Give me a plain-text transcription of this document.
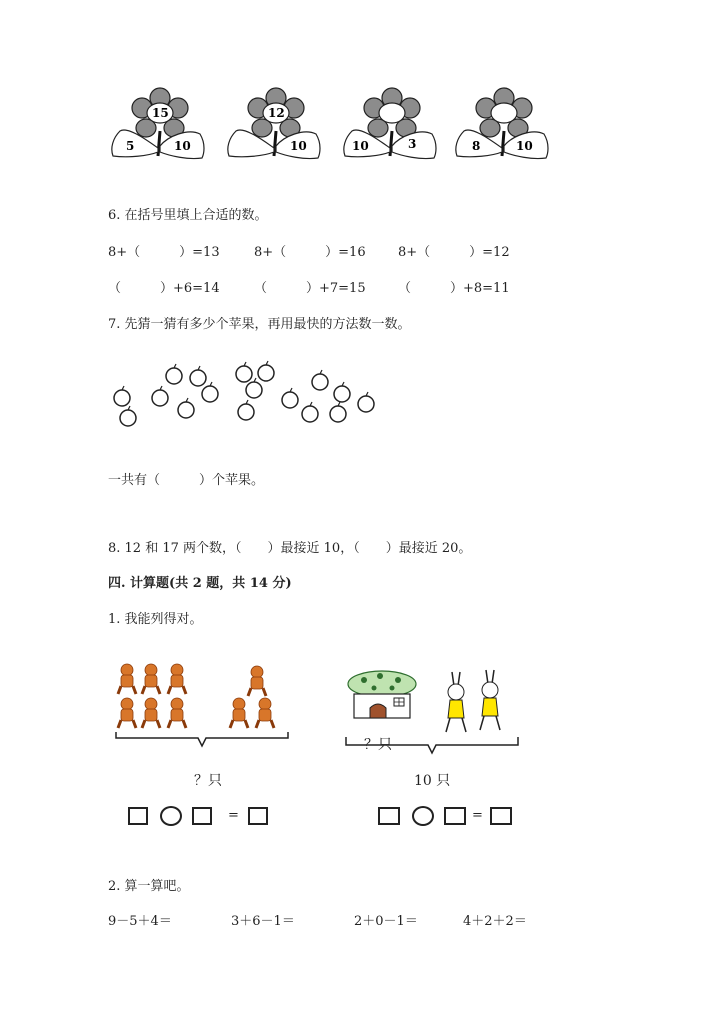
15
5	10
12
10	10	3	8	10
6. 在括号里填上合适的数。
8+（　　　）=13	8+（　　　）=16 8+（　　　）=12
（　　　）+6=14	（　　　）+7=15 （　　　）+8=11
7. 先猜一猜有多少个苹果，再用最快的方法数一数。
一共有（　　　）个苹果。
8. 12 和 17 两个数，（　　）最接近 10，（　　）最接近 20。
四. 计算题(共 2 题，共 14 分)
1. 我能列得对。
？只
=
？只
10 只
=
2. 算一算吧。
9－5＋4＝	3＋6－1＝	2＋0－1＝	4＋2＋2＝
